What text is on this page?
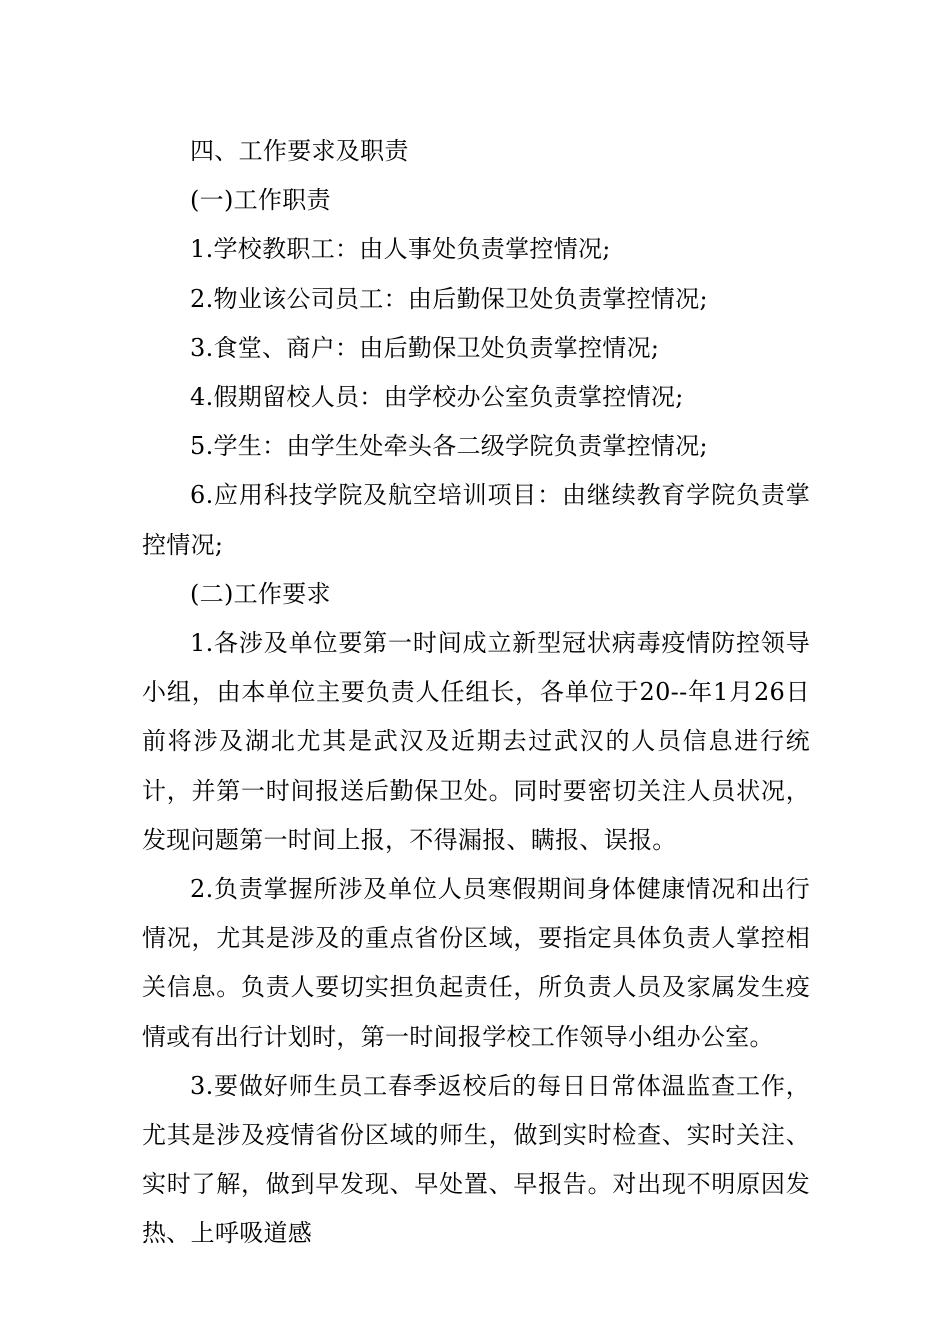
四、工作要求及职责

(一)工作职责

1.学校教职工：由人事处负责掌控情况;

2.物业该公司员工：由后勤保卫处负责掌控情况;

3.食堂、商户：由后勤保卫处负责掌控情况;

4.假期留校人员：由学校办公室负责掌控情况;

5.学生：由学生处牵头各二级学院负责掌控情况;

6.应用科技学院及航空培训项目：由继续教育学院负责掌控情况;

(二)工作要求

1.各涉及单位要第一时间成立新型冠状病毒疫情防控领导小组，由本单位主要负责人任组长，各单位于20--年1月26日前将涉及湖北尤其是武汉及近期去过武汉的人员信息进行统计，并第一时间报送后勤保卫处。同时要密切关注人员状况，发现问题第一时间上报，不得漏报、瞒报、误报。

2.负责掌握所涉及单位人员寒假期间身体健康情况和出行情况，尤其是涉及的重点省份区域，要指定具体负责人掌控相关信息。负责人要切实担负起责任，所负责人员及家属发生疫情或有出行计划时，第一时间报学校工作领导小组办公室。

3.要做好师生员工春季返校后的每日日常体温监查工作，尤其是涉及疫情省份区域的师生，做到实时检查、实时关注、实时了解，做到早发现、早处置、早报告。对出现不明原因发热、上呼吸道感
